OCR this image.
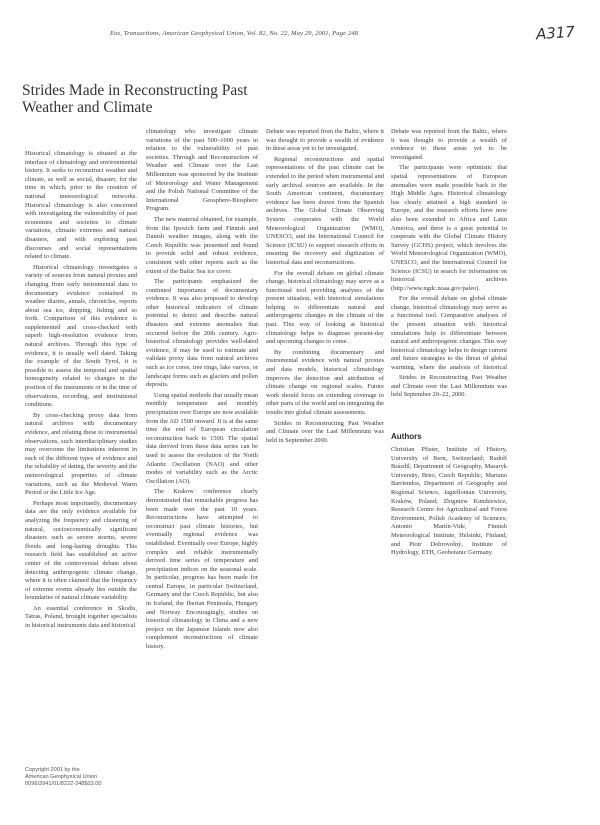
Eos, Transactions, American Geophysical Union, Vol. 82, No. 22, May 29, 2001, Page 248	A317
Strides Made in Reconstructing Past Weather and Climate

Historical climatology is situated at the interface of climatology and environmental history. It seeks to reconstruct weather and climate, as well as social, disaster, for the time in which, prior to the creation of national meteorological networks. Historical climatology is also concerned with investigating the vulnerability of past economies and societies to climate variations, climatic extremes and natural disasters, and with exploring past discourses and social representations related to climate.

Historical climatology investigates a variety of sources from natural proxies and changing from early instrumental data to documentary evidence contained in weather diaries, annals, chronicles, reports about sea ice, shipping, fishing and so forth. Comparison of this evidence is supplemented and cross-checked with superb high-resolution evidence from natural archives. Through this type of evidence, it is usually well dated. Taking the example of the South Tyrol, it is possible to assess the temporal and spatial homogeneity related to changes in the position of the instruments or in the time of observations, recording, and institutional conditions.

By cross-checking proxy data from natural archives with documentary evidence, and relating these to instrumental observations, such interdisciplinary studies may overcome the limitations inherent in each of the different types of evidence and the reliability of dating, the severity and the meteorological properties of climate variations, such as the Medieval Warm Period or the Little Ice Age.

Perhaps most importantly, documentary data are the only evidence available for analyzing the frequency and clustering of natural, socioeconomically significant disasters such as severe storms, severe floods and long-lasting droughts. This research field has established an active center of the controversial debate about detecting anthropogenic climate change, where it is often claimed that the frequency of extreme events already lies outside the boundaries of natural climate variability.

An essential conference in Skodis, Tatras, Poland, brought together specialists in historical instruments data and historical

climatology who investigate climate variations of the past 500–1000 years in relation to the vulnerability of past societies. Through and Reconstruction of Weather and Climate over the Last Millennium was sponsored by the Institute of Meteorology and Water Management and the Polish National Committee of the International Geosphere-Biosphere Program.

The new material obtained, for example, from the Ipswich farm and Finnish and Danish weather images, along with the Czech Republic was presented and found to provide solid and robust evidence, consistent with other reports such as the extent of the Baltic Sea ice cover.

The participants emphasized the continued importance of documentary evidence. It was also proposed to develop other historical indicators of climate potential to detect and describe natural disasters and extreme anomalies that occurred before the 20th century. Agro-historical climatology provides well-dated evidence, if may be used to estimate and validate proxy data from natural archives such as ice cores, tree rings, lake varves, or landscape forms such as glaciers and pollen deposits.

Using spatial methods that usually mean monthly temperature and monthly precipitation over Europe are now available from the AD 1500 onward. It is at the same time the end of European circulation reconstruction back to 1500. The spatial data derived from these data series can be used to assess the evolution of the North Atlantic Oscillation (NAO) and other modes of variability such as the Arctic Oscillation (AO).

The Krakow conference clearly demonstrated that remarkable progress has been made over the past 10 years. Reconstructions have attempted to reconstruct past climate histories, but eventually regional evidence was established. Eventually over Europe, highly complex and reliable instrumentally derived time series of temperature and precipitation indices on the seasonal scale. In particular, progress has been made for central Europe, in particular Switzerland, Germany and the Czech Republic, but also in Iceland, the Iberian Peninsula, Hungary and Norway. Encouragingly, studies on historical climatology in China and a new project on the Japanese Islands now also complement reconstructions of climate history.

Debate was reported from the Baltic, where it was thought to provide a wealth of evidence in these areas yet to be investigated.

Regional reconstructions and spatial representations of the past climate can be extended to the period when instrumental and early archival sources are available. In the South American continent, documentary evidence has been drawn from the Spanish archives. The Global Climate Observing System cooperates with the World Meteorological Organization (WMO), UNESCO, and the International Council for Science (ICSU) to support research efforts in ensuring the recovery and digitization of historical data and reconstructions.

For the overall debate on global climate change, historical climatology may serve as a functional tool providing analyses of the present situation, with historical simulations helping to differentiate natural and anthropogenic changes in the climate of the past. This way of looking at historical climatology helps to diagnose present-day and upcoming changes to come.

By combining documentary and instrumental evidence with natural proxies and data models, historical climatology improves the detection and attribution of climate change on regional scales. Future work should focus on extending coverage to other parts of the world and on integrating the results into global climate assessments.

Strides in Reconstructing Past Weather and Climate over the Last Millennium was held in September 2000.

Debate was reported from the Baltic, where it was thought to provide a wealth of evidence in these areas yet to be investigated.

The participants were optimistic that spatial representations of European anomalies were made possible back to the High Middle Ages. Historical climatology has clearly attained a high standard in Europe, and the research efforts have now also been extended to Africa and Latin America, and there is a great potential to cooperate with the Global Climate History Survey (GCHS) project, which involves the World Meteorological Organization (WMO), UNESCO, and the International Council for Science (ICSU) in search for information on historical archives (http://www.ngdc.noaa.gov/paleo).

For the overall debate on global climate change, historical climatology may serve as a functional tool. Comparative analyses of the present situation with historical simulations help to differentiate between natural and anthropogenic changes. This way historical climatology helps to design current and future strategies to the threat of global warming, where the analysis of historical

Strides in Reconstructing Past Weather and Climate over the Last Millennium was held September 20–22, 2000.

Authors
Christian Pfister, Institute of History, University of Bern, Switzerland; Rudolf Brázdil, Department of Geography, Masaryk University, Brno, Czech Republic; Mariano Barriendos, Department of Geography and Regional Science, Jagiellonian University, Kraków, Poland; Zbigniew Kundzewicz, Research Centre for Agricultural and Forest Environment, Polish Academy of Sciences; Antonio Martín-Vide, Finnish Meteorological Institute, Helsinki, Finland; and Piotr Dobrovolný, Institute of Hydrology, ETH, Geobotanic Germany.
Copyright 2001 by the
American Geophysical Union
0096/3941/01/8222-248$03.00
